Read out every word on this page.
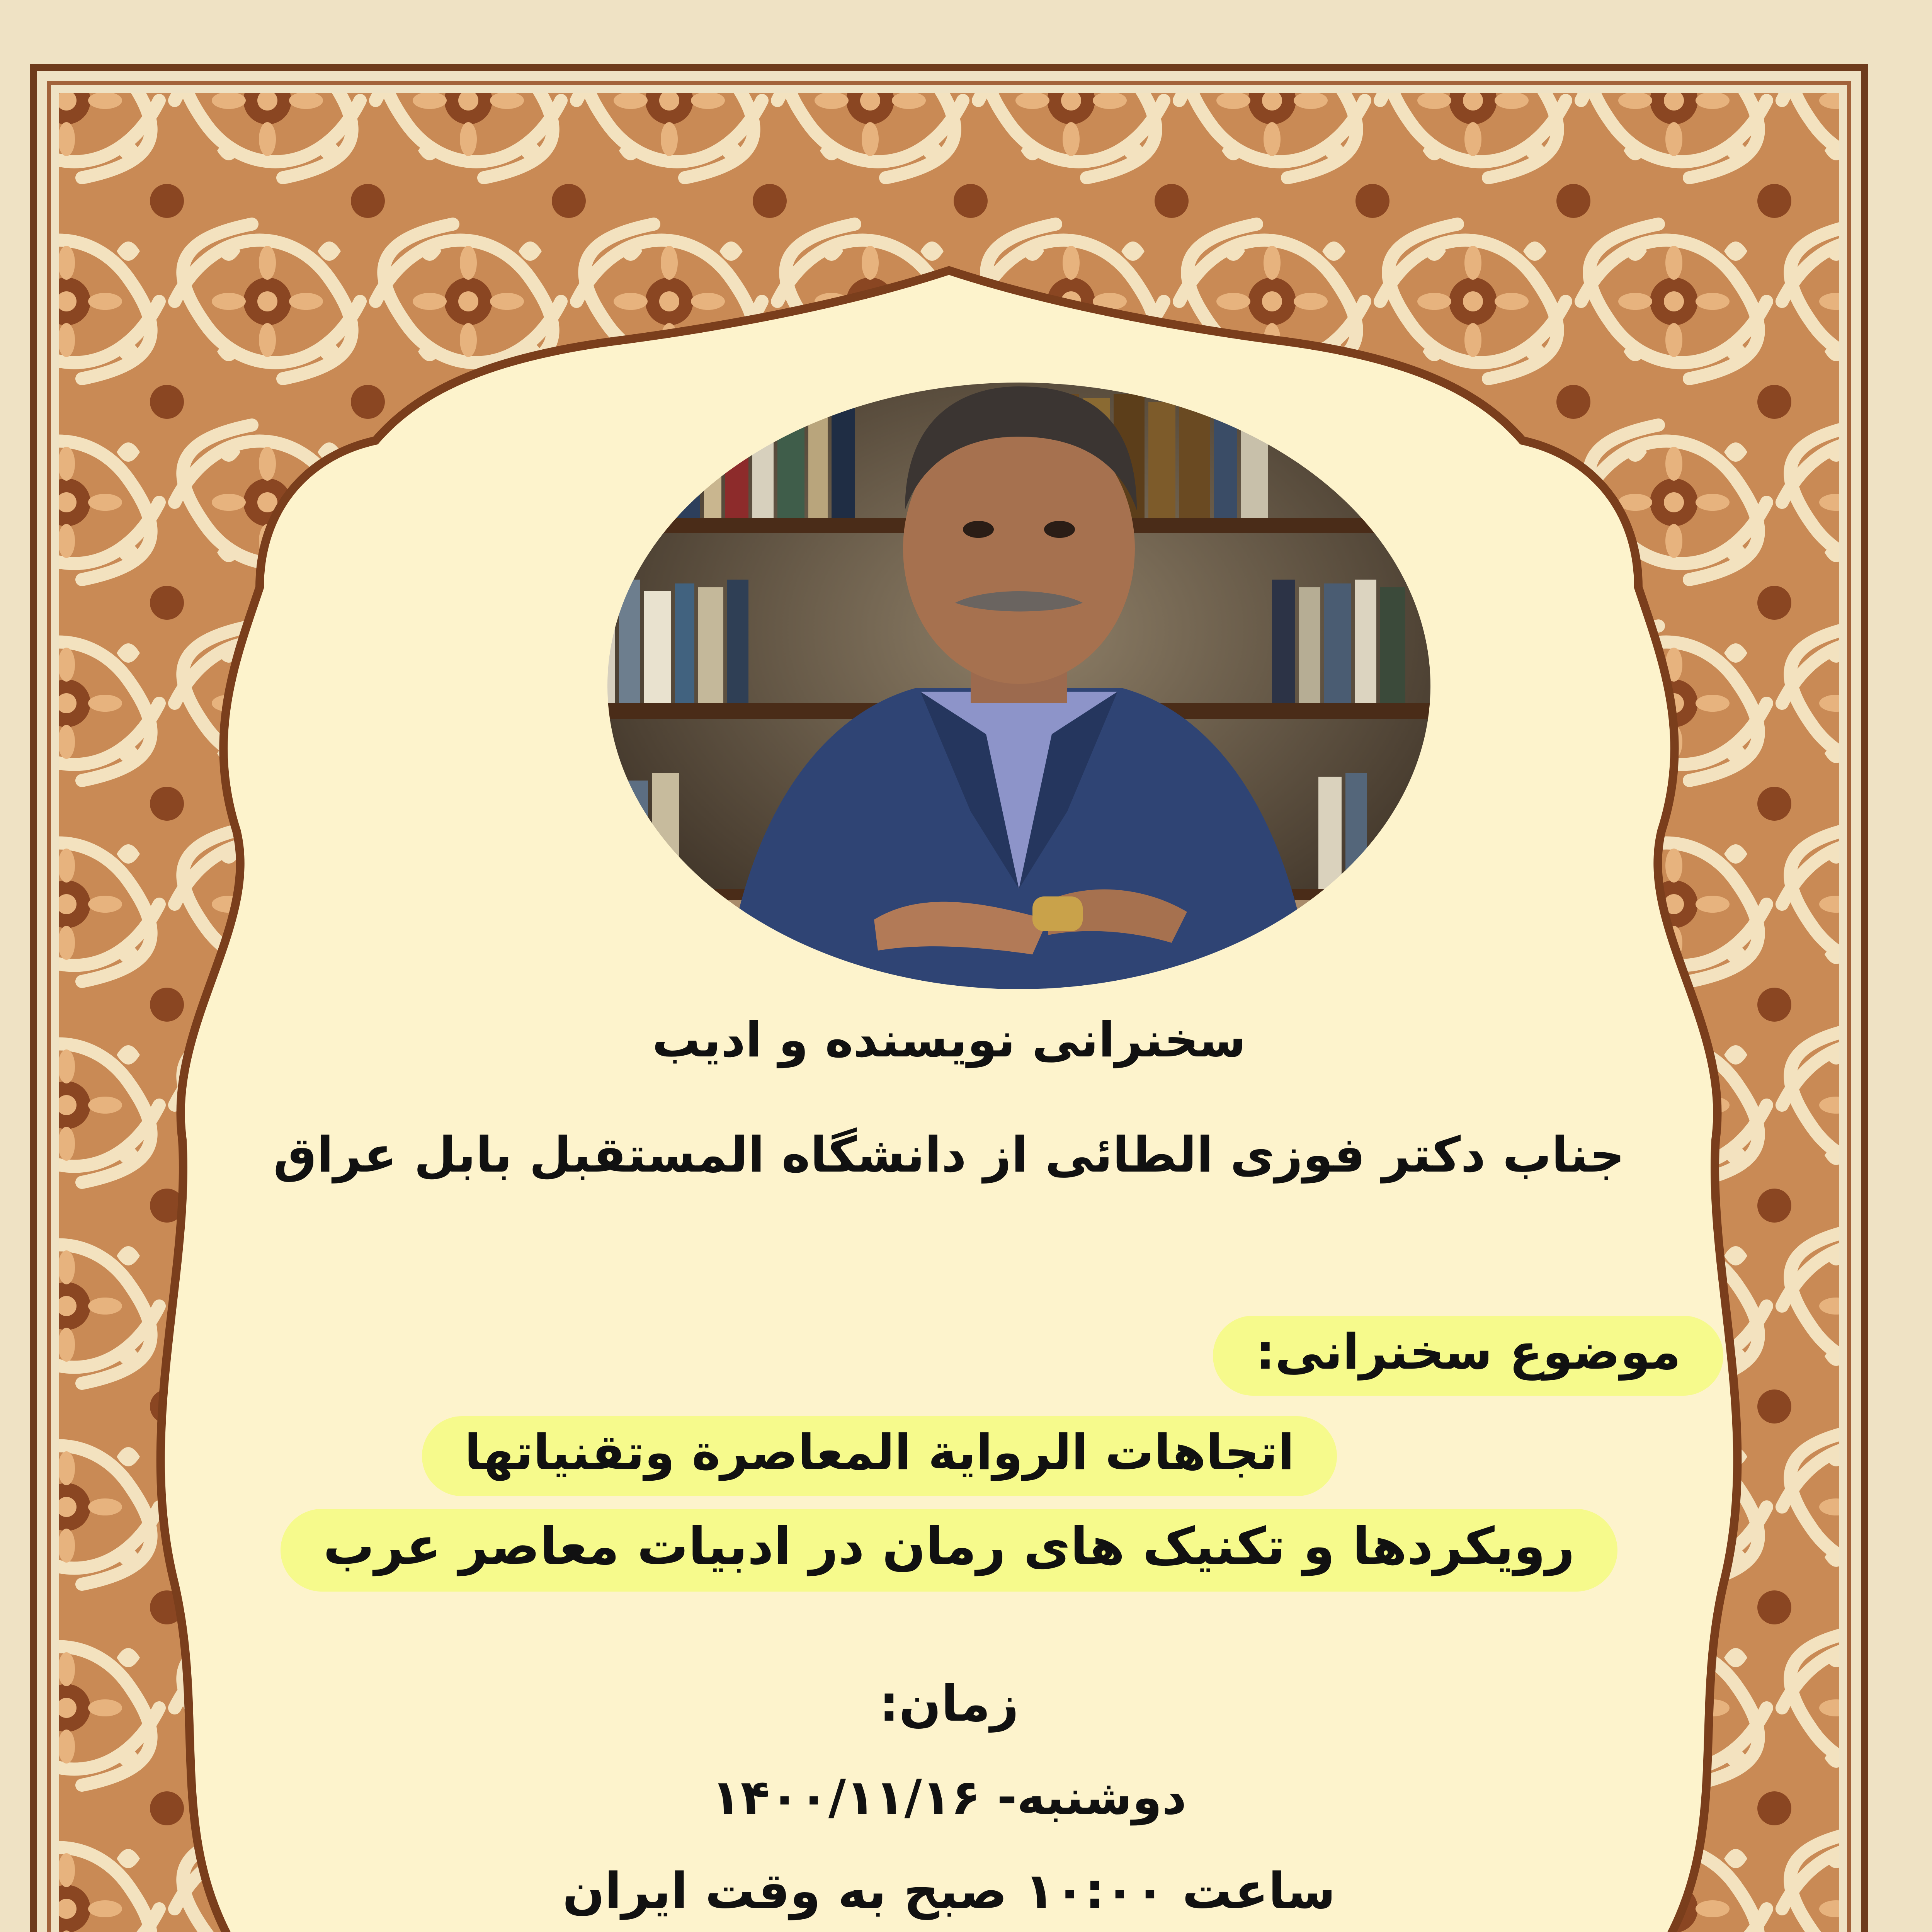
سخنرانی نویسنده و ادیب
جناب دکتر فوزی الطائی از دانشگاه المستقبل بابل عراق
موضوع سخنرانی:
اتجاهات الرواية المعاصرة وتقنياتها
رویکردها و تکنیک های رمان در ادبیات معاصر عرب
زمان:
دوشنبه- ۱۴۰۰/۱۱/۱۶
ساعت ۱۰:۰۰ صبح به وقت ایران
